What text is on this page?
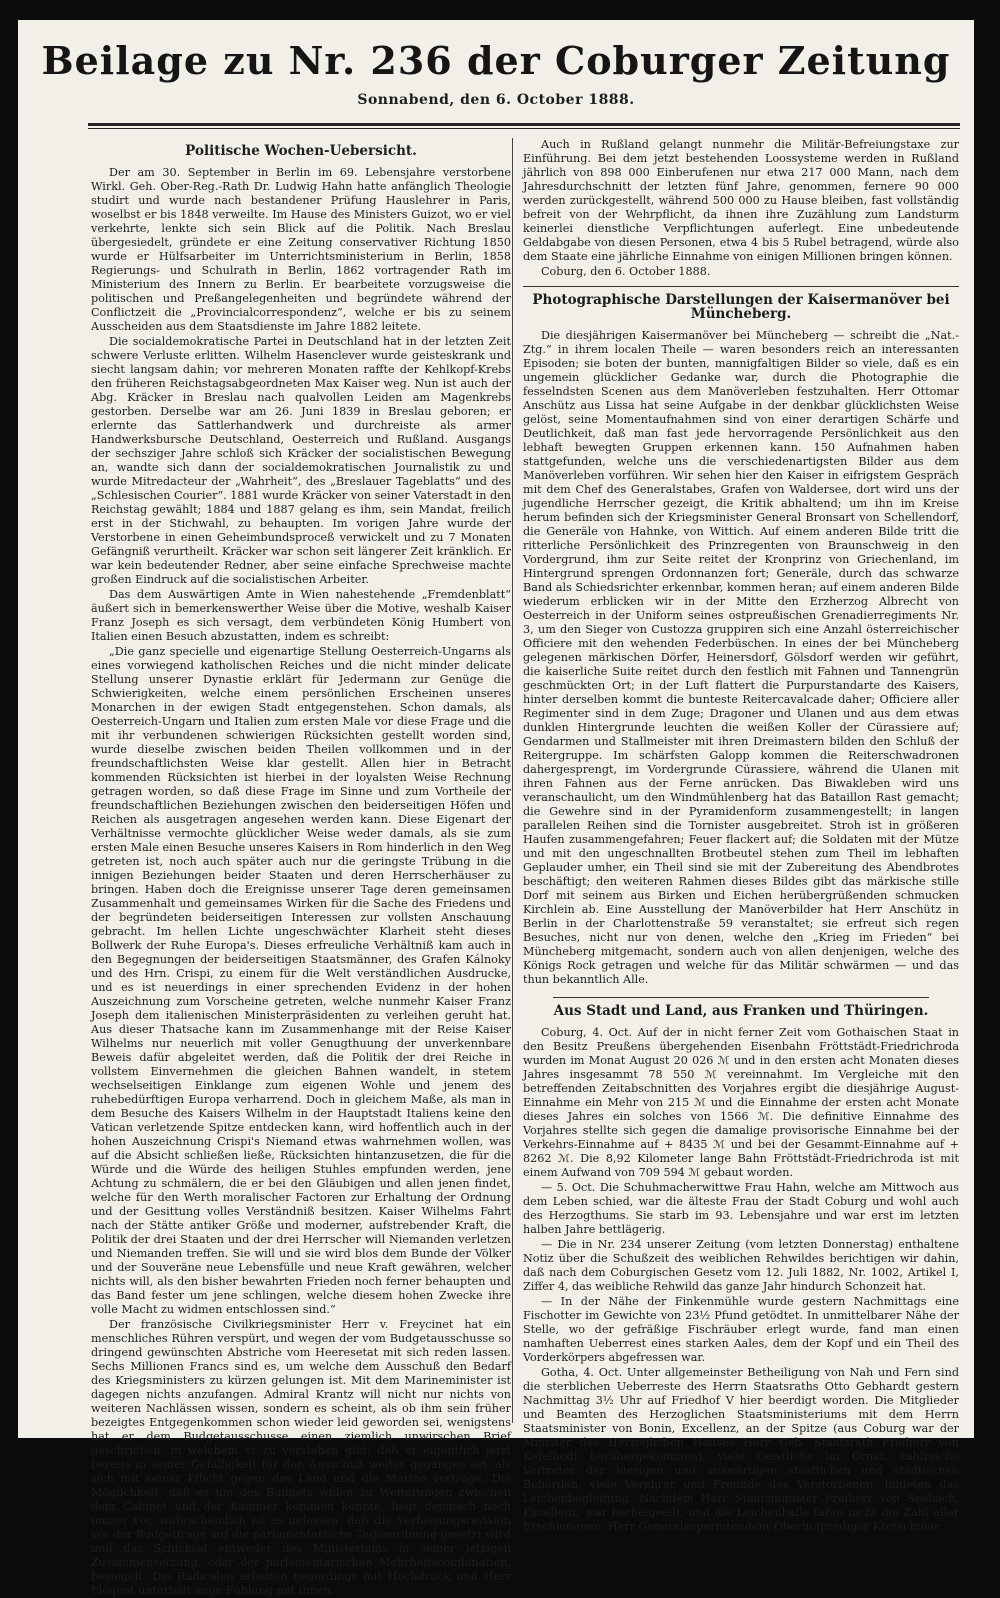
Beilage zu Nr. 236 der Coburger Zeitung
Sonnabend, den 6. October 1888.
Politische Wochen-Uebersicht.

Der am 30. September in Berlin im 69. Lebensjahre verstorbene Wirkl. Geh. Ober-Reg.-Rath Dr. Ludwig Hahn hatte anfänglich Theologie studirt und wurde nach bestandener Prüfung Hauslehrer in Paris, woselbst er bis 1848 verweilte. Im Hause des Ministers Guizot, wo er viel verkehrte, lenkte sich sein Blick auf die Politik. Nach Breslau übergesiedelt, gründete er eine Zeitung conservativer Richtung 1850 wurde er Hülfsarbeiter im Unterrichtsministerium in Berlin, 1858 Regierungs- und Schulrath in Berlin, 1862 vortragender Rath im Ministerium des Innern zu Berlin. Er bearbeitete vorzugsweise die politischen und Preßangelegenheiten und begründete während der Conflictzeit die „Provincialcorrespondenz“, welche er bis zu seinem Ausscheiden aus dem Staatsdienste im Jahre 1882 leitete.

Die socialdemokratische Partei in Deutschland hat in der letzten Zeit schwere Verluste erlitten. Wilhelm Hasenclever wurde geisteskrank und siecht langsam dahin; vor mehreren Monaten raffte der Kehlkopf-Krebs den früheren Reichstagsabgeordneten Max Kaiser weg. Nun ist auch der Abg. Kräcker in Breslau nach qualvollen Leiden am Magenkrebs gestorben. Derselbe war am 26. Juni 1839 in Breslau geboren; er erlernte das Sattlerhandwerk und durchreiste als armer Handwerksbursche Deutschland, Oesterreich und Rußland. Ausgangs der sechsziger Jahre schloß sich Kräcker der socialistischen Bewegung an, wandte sich dann der socialdemokratischen Journalistik zu und wurde Mitredacteur der „Wahrheit“, des „Breslauer Tageblatts“ und des „Schlesischen Courier“. 1881 wurde Kräcker von seiner Vaterstadt in den Reichstag gewählt; 1884 und 1887 gelang es ihm, sein Mandat, freilich erst in der Stichwahl, zu behaupten. Im vorigen Jahre wurde der Verstorbene in einen Geheimbundsproceß verwickelt und zu 7 Monaten Gefängniß verurtheilt. Kräcker war schon seit längerer Zeit kränklich. Er war kein bedeutender Redner, aber seine einfache Sprechweise machte großen Eindruck auf die socialistischen Arbeiter.

Das dem Auswärtigen Amte in Wien nahestehende „Fremdenblatt“ äußert sich in bemerkenswerther Weise über die Motive, weshalb Kaiser Franz Joseph es sich versagt, dem verbündeten König Humbert von Italien einen Besuch abzustatten, indem es schreibt:

„Die ganz specielle und eigenartige Stellung Oesterreich-Ungarns als eines vorwiegend katholischen Reiches und die nicht minder delicate Stellung unserer Dynastie erklärt für Jedermann zur Genüge die Schwierigkeiten, welche einem persönlichen Erscheinen unseres Monarchen in der ewigen Stadt entgegenstehen. Schon damals, als Oesterreich-Ungarn und Italien zum ersten Male vor diese Frage und die mit ihr verbundenen schwierigen Rücksichten gestellt worden sind, wurde dieselbe zwischen beiden Theilen vollkommen und in der freundschaftlichsten Weise klar gestellt. Allen hier in Betracht kommenden Rücksichten ist hierbei in der loyalsten Weise Rechnung getragen worden, so daß diese Frage im Sinne und zum Vortheile der freundschaftlichen Beziehungen zwischen den beiderseitigen Höfen und Reichen als ausgetragen angesehen werden kann. Diese Eigenart der Verhältnisse vermochte glücklicher Weise weder damals, als sie zum ersten Male einen Besuche unseres Kaisers in Rom hinderlich in den Weg getreten ist, noch auch später auch nur die geringste Trübung in die innigen Beziehungen beider Staaten und deren Herrscherhäuser zu bringen. Haben doch die Ereignisse unserer Tage deren gemeinsamen Zusammenhalt und gemeinsames Wirken für die Sache des Friedens und der begründeten beiderseitigen Interessen zur vollsten Anschauung gebracht. Im hellen Lichte ungeschwächter Klarheit steht dieses Bollwerk der Ruhe Europa's. Dieses erfreuliche Verhältniß kam auch in den Begegnungen der beiderseitigen Staatsmänner, des Grafen Kálnoky und des Hrn. Crispi, zu einem für die Welt verständlichen Ausdrucke, und es ist neuerdings in einer sprechenden Evidenz in der hohen Auszeichnung zum Vorscheine getreten, welche nunmehr Kaiser Franz Joseph dem italienischen Ministerpräsidenten zu verleihen geruht hat. Aus dieser Thatsache kann im Zusammenhange mit der Reise Kaiser Wilhelms nur neuerlich mit voller Genugthuung der unverkennbare Beweis dafür abgeleitet werden, daß die Politik der drei Reiche in vollstem Einvernehmen die gleichen Bahnen wandelt, in stetem wechselseitigen Einklange zum eigenen Wohle und jenem des ruhebedürftigen Europa verharrend. Doch in gleichem Maße, als man in dem Besuche des Kaisers Wilhelm in der Hauptstadt Italiens keine den Vatican verletzende Spitze entdecken kann, wird hoffentlich auch in der hohen Auszeichnung Crispi's Niemand etwas wahrnehmen wollen, was auf die Absicht schließen ließe, Rücksichten hintanzusetzen, die für die Würde und die Würde des heiligen Stuhles empfunden werden, jene Achtung zu schmälern, die er bei den Gläubigen und allen jenen findet, welche für den Werth moralischer Factoren zur Erhaltung der Ordnung und der Gesittung volles Verständniß besitzen. Kaiser Wilhelms Fahrt nach der Stätte antiker Größe und moderner, aufstrebender Kraft, die Politik der drei Staaten und der drei Herrscher will Niemanden verletzen und Niemanden treffen. Sie will und sie wird blos dem Bunde der Völker und der Souveräne neue Lebensfülle und neue Kraft gewähren, welcher nichts will, als den bisher bewahrten Frieden noch ferner behaupten und das Band fester um jene schlingen, welche diesem hohen Zwecke ihre volle Macht zu widmen entschlossen sind.“

Der französische Civilkriegsminister Herr v. Freycinet hat ein menschliches Rühren verspürt, und wegen der vom Budgetausschusse so dringend gewünschten Abstriche vom Heeresetat mit sich reden lassen. Sechs Millionen Francs sind es, um welche dem Ausschuß den Bedarf des Kriegsministers zu kürzen gelungen ist. Mit dem Marineminister ist dagegen nichts anzufangen. Admiral Krantz will nicht nur nichts von weiteren Nachlässen wissen, sondern es scheint, als ob ihm sein früher bezeigtes Entgegenkommen schon wieder leid geworden sei, wenigstens hat er dem Budgetausschusse einen ziemlich unwirschen Brief geschrieben, in welchem er zu verstehen gibt, daß er eigentlich jetzt bereits in seiner Gefälligkeit für den Ausschuß weiter gegangen sei, als sich mit seiner Pflicht gegen das Land und die Marine vertrage. Die Möglichkeit, daß es um des Budgets willen zu Weiterungen zwischen dem Cabinet und der Kammer kommen könnte, liegt demnach noch immer vor, wahrscheinlich ist es indessen, daß die Verfassungsrevision vor der Budgetfrage auf die parlamentarische Tagesordnung gesetzt wird und das Schicksal entweder des Ministeriums in seiner jetzigen Zusammensetzung, oder der parlamentarischen Mehrheitscombination, besiegelt. Die Radicalen arbeiten neuerdings mit Hochdruck und Herr Floquet unterhält enge Fühlung mit ihnen.

Auch in Rußland gelangt nunmehr die Militär-Befreiungstaxe zur Einführung. Bei dem jetzt bestehenden Loossysteme werden in Rußland jährlich von 898 000 Einberufenen nur etwa 217 000 Mann, nach dem Jahresdurchschnitt der letzten fünf Jahre, genommen, fernere 90 000 werden zurückgestellt, während 500 000 zu Hause bleiben, fast vollständig befreit von der Wehrpflicht, da ihnen ihre Zuzählung zum Landsturm keinerlei dienstliche Verpflichtungen auferlegt. Eine unbedeutende Geldabgabe von diesen Personen, etwa 4 bis 5 Rubel betragend, würde also dem Staate eine jährliche Einnahme von einigen Millionen bringen können.

Coburg, den 6. October 1888.

Photographische Darstellungen der Kaisermanöver bei Müncheberg.

Die diesjährigen Kaisermanöver bei Müncheberg — schreibt die „Nat.-Ztg.“ in ihrem localen Theile — waren besonders reich an interessanten Episoden; sie boten der bunten, mannigfaltigen Bilder so viele, daß es ein ungemein glücklicher Gedanke war, durch die Photographie die fesselndsten Scenen aus dem Manöverleben festzuhalten. Herr Ottomar Anschütz aus Lissa hat seine Aufgabe in der denkbar glücklichsten Weise gelöst, seine Momentaufnahmen sind von einer derartigen Schärfe und Deutlichkeit, daß man fast jede hervorragende Persönlichkeit aus den lebhaft bewegten Gruppen erkennen kann. 150 Aufnahmen haben stattgefunden, welche uns die verschiedenartigsten Bilder aus dem Manöverleben vorführen. Wir sehen hier den Kaiser in eifrigstem Gespräch mit dem Chef des Generalstabes, Grafen von Waldersee, dort wird uns der jugendliche Herrscher gezeigt, die Kritik abhaltend; um ihn im Kreise herum befinden sich der Kriegsminister General Bronsart von Schellendorf, die Generäle von Hahnke, von Wittich. Auf einem anderen Bilde tritt die ritterliche Persönlichkeit des Prinzregenten von Braunschweig in den Vordergrund, ihm zur Seite reitet der Kronprinz von Griechenland, im Hintergrund sprengen Ordonnanzen fort; Generäle, durch das schwarze Band als Schiedsrichter erkennbar, kommen heran; auf einem anderen Bilde wiederum erblicken wir in der Mitte den Erzherzog Albrecht von Oesterreich in der Uniform seines ostpreußischen Grenadierregiments Nr. 3, um den Sieger von Custozza gruppiren sich eine Anzahl österreichischer Officiere mit den wehenden Federbüschen. In eines der bei Müncheberg gelegenen märkischen Dörfer, Heinersdorf, Gölsdorf werden wir geführt, die kaiserliche Suite reitet durch den festlich mit Fahnen und Tannengrün geschmückten Ort; in der Luft flattert die Purpurstandarte des Kaisers, hinter derselben kommt die bunteste Reitercavalcade daher; Officiere aller Regimenter sind in dem Zuge; Dragoner und Ulanen und aus dem etwas dunklen Hintergrunde leuchten die weißen Koller der Cürassiere auf; Gendarmen und Stallmeister mit ihren Dreimastern bilden den Schluß der Reitergruppe. Im schärfsten Galopp kommen die Reiterschwadronen dahergesprengt, im Vordergrunde Cürassiere, während die Ulanen mit ihren Fahnen aus der Ferne anrücken. Das Biwakleben wird uns veranschaulicht, um den Windmühlenberg hat das Bataillon Rast gemacht; die Gewehre sind in der Pyramidenform zusammengestellt; in langen parallelen Reihen sind die Tornister ausgebreitet. Stroh ist in größeren Haufen zusammengefahren; Feuer flackert auf; die Soldaten mit der Mütze und mit den ungeschnallten Brotbeutel stehen zum Theil im lebhaften Geplauder umher, ein Theil sind sie mit der Zubereitung des Abendbrotes beschäftigt; den weiteren Rahmen dieses Bildes gibt das märkische stille Dorf mit seinem aus Birken und Eichen herübergrüßenden schmucken Kirchlein ab. Eine Ausstellung der Manöverbilder hat Herr Anschütz in Berlin in der Charlottenstraße 59 veranstaltet; sie erfreut sich regen Besuches, nicht nur von denen, welche den „Krieg im Frieden“ bei Müncheberg mitgemacht, sondern auch von allen denjenigen, welche des Königs Rock getragen und welche für das Militär schwärmen — und das thun bekanntlich Alle.

Aus Stadt und Land, aus Franken und Thüringen.

Coburg, 4. Oct. Auf der in nicht ferner Zeit vom Gothaischen Staat in den Besitz Preußens übergehenden Eisenbahn Fröttstädt-Friedrichroda wurden im Monat August 20 026 ℳ und in den ersten acht Monaten dieses Jahres insgesammt 78 550 ℳ vereinnahmt. Im Vergleiche mit den betreffenden Zeitabschnitten des Vorjahres ergibt die diesjährige August-Einnahme ein Mehr von 215 ℳ und die Einnahme der ersten acht Monate dieses Jahres ein solches von 1566 ℳ. Die definitive Einnahme des Vorjahres stellte sich gegen die damalige provisorische Einnahme bei der Verkehrs-Einnahme auf + 8435 ℳ und bei der Gesammt-Einnahme auf + 8262 ℳ. Die 8,92 Kilometer lange Bahn Fröttstädt-Friedrichroda ist mit einem Aufwand von 709 594 ℳ gebaut worden.

— 5. Oct. Die Schuhmacherwittwe Frau Hahn, welche am Mittwoch aus dem Leben schied, war die älteste Frau der Stadt Coburg und wohl auch des Herzogthums. Sie starb im 93. Lebensjahre und war erst im letzten halben Jahre bettlägerig.

— Die in Nr. 234 unserer Zeitung (vom letzten Donnerstag) enthaltene Notiz über die Schußzeit des weiblichen Rehwildes berichtigen wir dahin, daß nach dem Coburgischen Gesetz vom 12. Juli 1882, Nr. 1002, Artikel I, Ziffer 4, das weibliche Rehwild das ganze Jahr hindurch Schonzeit hat.

— In der Nähe der Finkenmühle wurde gestern Nachmittags eine Fischotter im Gewichte von 23½ Pfund getödtet. In unmittelbarer Nähe der Stelle, wo der gefräßige Fischräuber erlegt wurde, fand man einen namhaften Ueberrest eines starken Aales, dem der Kopf und ein Theil des Vorderkörpers abgefressen war.

Gotha, 4. Oct. Unter allgemeinster Betheiligung von Nah und Fern sind die sterblichen Ueberreste des Herrn Staatsraths Otto Gebhardt gestern Nachmittag 3½ Uhr auf Friedhof V hier beerdigt worden. Die Mitglieder und Beamten des Herzoglichen Staatsministeriums mit dem Herrn Staatsminister von Bonin, Excellenz, an der Spitze (aus Coburg war der Minister des Herzoglichen Hauses Herr Geh. Staatsrath Freiherr von Ketelhodt herübergekommen), viele Geistliche im Ornat, zahlreiche Vertreter der hiesigen und auswärtigen staatlichen und städtischen Behörden, viele Verehrer und Freunde des Verstorbenen, bildeten das Leichenbegleitung. Nachdem Herr Staatsminister Freiherr von Seebach, Excellenz, war herbeigeeilt, und die Leichenhalle faßte nicht die Zahl aller Erschienenen. Herr Generalsuperintendent Oberhofprediger Kretschmar
